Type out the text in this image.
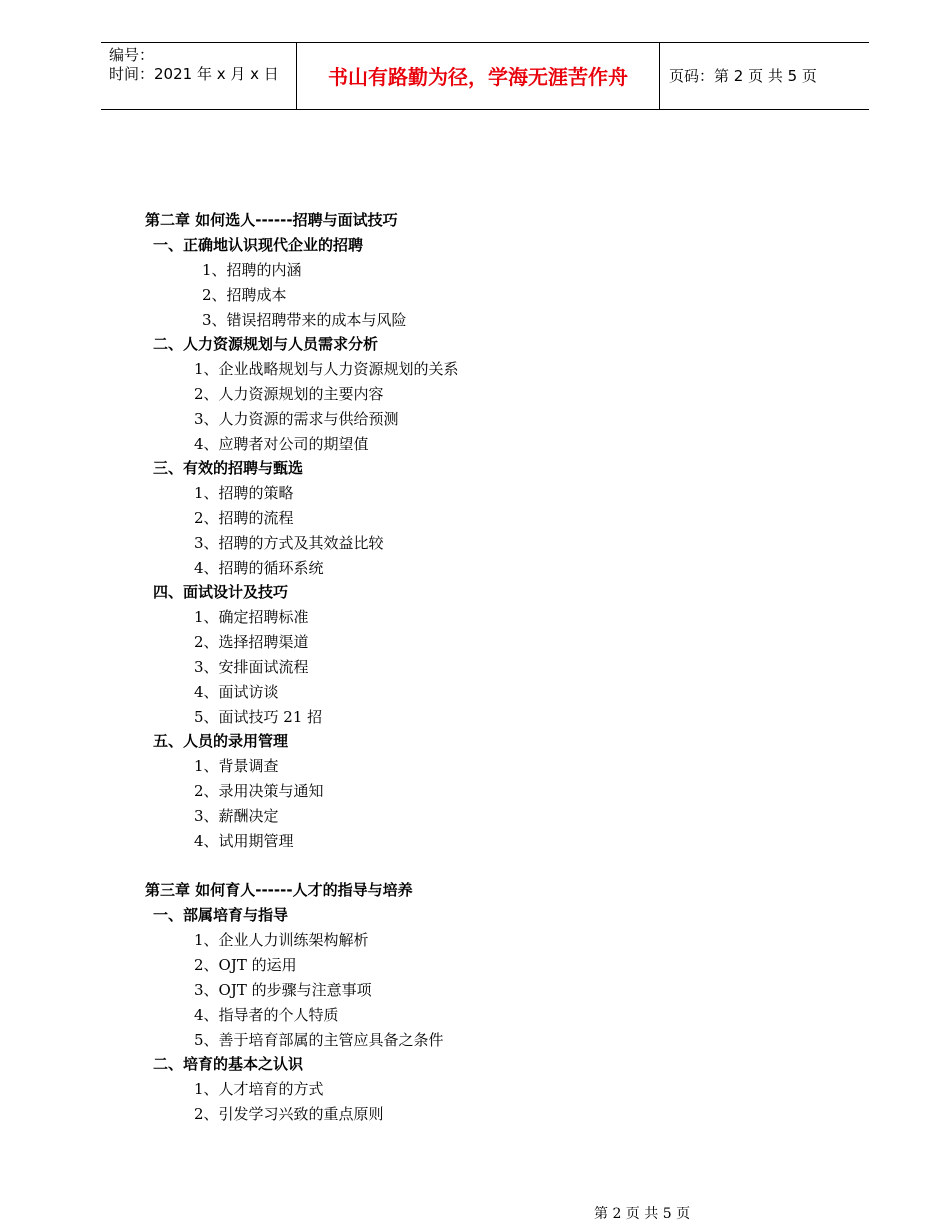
编号：
时间：2021 年 x 月 x 日	书山有路勤为径，学海无涯苦作舟	页码：第 2 页 共 5 页
第二章 如何选人------招聘与面试技巧
一、正确地认识现代企业的招聘
1、招聘的内涵
2、招聘成本
3、错误招聘带来的成本与风险
二、人力资源规划与人员需求分析
1、企业战略规划与人力资源规划的关系
2、人力资源规划的主要内容
3、人力资源的需求与供给预测
4、应聘者对公司的期望值
三、有效的招聘与甄选
1、招聘的策略
2、招聘的流程
3、招聘的方式及其效益比较
4、招聘的循环系统
四、面试设计及技巧
1、确定招聘标准
2、选择招聘渠道
3、安排面试流程
4、面试访谈
5、面试技巧 21 招
五、人员的录用管理
1、背景调查
2、录用决策与通知
3、薪酬决定
4、试用期管理
第三章 如何育人------人才的指导与培养
一、部属培育与指导
1、企业人力训练架构解析
2、OJT 的运用
3、OJT 的步骤与注意事项
4、指导者的个人特质
5、善于培育部属的主管应具备之条件
二、培育的基本之认识
1、人才培育的方式
2、引发学习兴致的重点原则
第 2 页 共 5 页
